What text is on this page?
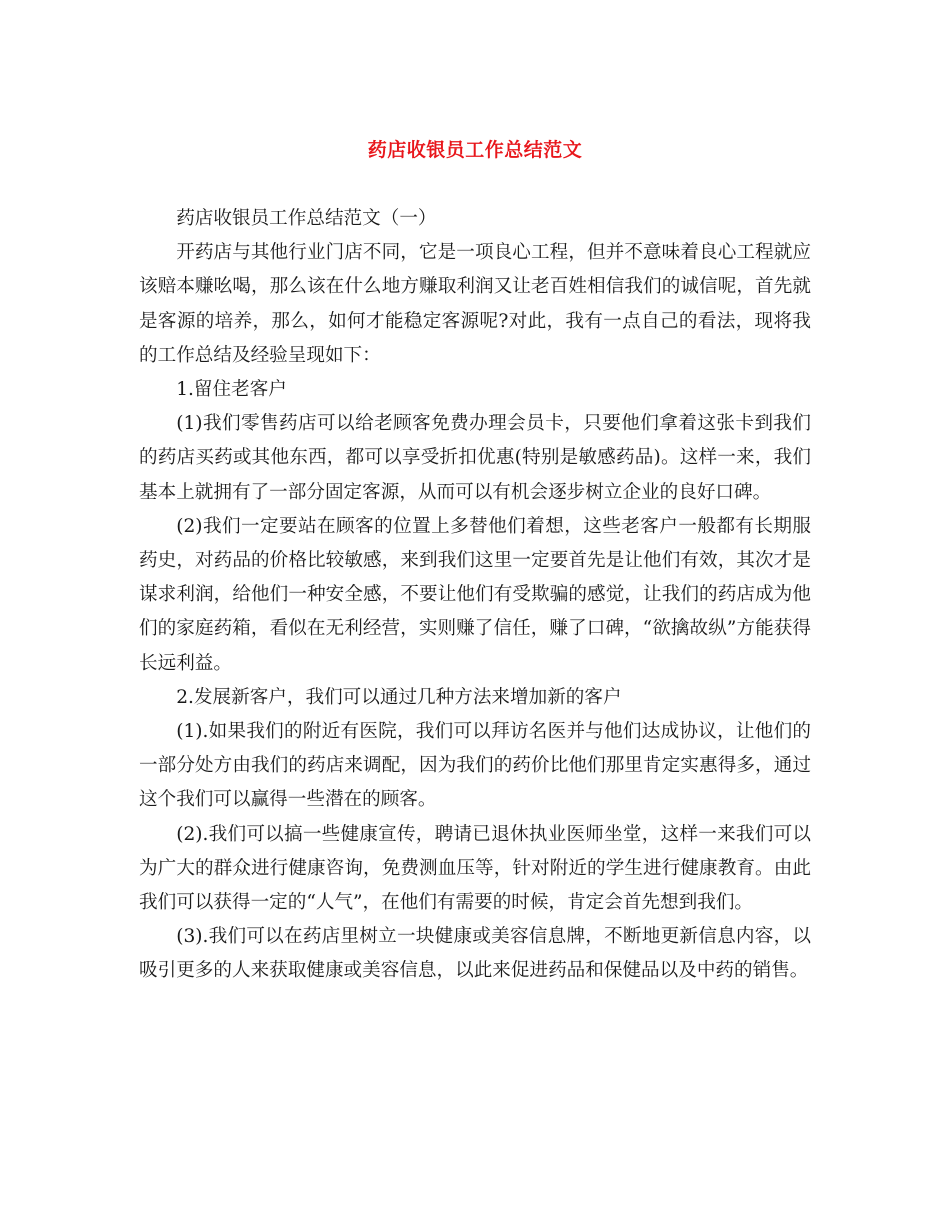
药店收银员工作总结范文

药店收银员工作总结范文（一）

开药店与其他行业门店不同，它是一项良心工程，但并不意味着良心工程就应该赔本赚吆喝，那么该在什么地方赚取利润又让老百姓相信我们的诚信呢，首先就是客源的培养，那么，如何才能稳定客源呢?对此，我有一点自己的看法，现将我的工作总结及经验呈现如下：

1.留住老客户

(1)我们零售药店可以给老顾客免费办理会员卡，只要他们拿着这张卡到我们的药店买药或其他东西，都可以享受折扣优惠(特别是敏感药品)。这样一来，我们基本上就拥有了一部分固定客源，从而可以有机会逐步树立企业的良好口碑。

(2)我们一定要站在顾客的位置上多替他们着想，这些老客户一般都有长期服药史，对药品的价格比较敏感，来到我们这里一定要首先是让他们有效，其次才是谋求利润，给他们一种安全感，不要让他们有受欺骗的感觉，让我们的药店成为他们的家庭药箱，看似在无利经营，实则赚了信任，赚了口碑，“欲擒故纵”方能获得长远利益。

2.发展新客户，我们可以通过几种方法来增加新的客户

(1).如果我们的附近有医院，我们可以拜访名医并与他们达成协议，让他们的一部分处方由我们的药店来调配，因为我们的药价比他们那里肯定实惠得多，通过这个我们可以赢得一些潜在的顾客。

(2).我们可以搞一些健康宣传，聘请已退休执业医师坐堂，这样一来我们可以为广大的群众进行健康咨询，免费测血压等，针对附近的学生进行健康教育。由此我们可以获得一定的“人气”，在他们有需要的时候，肯定会首先想到我们。

(3).我们可以在药店里树立一块健康或美容信息牌，不断地更新信息内容，以吸引更多的人来获取健康或美容信息，以此来促进药品和保健品以及中药的销售。
